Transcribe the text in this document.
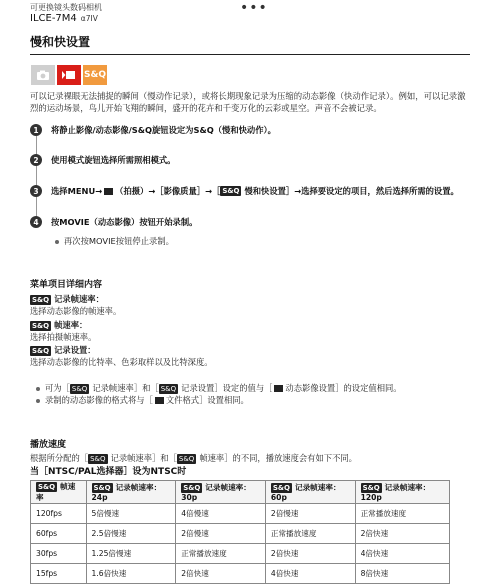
可更换镜头数码相机
ILCE-7M4 α7IV
•••
慢和快设置
S&Q
可以记录裸眼无法捕捉的瞬间（慢动作记录），或将长期现象记录为压缩的动态影像（快动作记录）。例如，可以记录激烈的运动场景，鸟儿开始飞翔的瞬间，盛开的花卉和千变万化的云彩或星空。声音不会被记录。
1	将静止影像/动态影像/S&Q旋钮设定为S&Q（慢和快动作）。
2	使用模式旋钮选择所需照相模式。
3	选择MENU→ （拍摄）→［影像质量］→［ S&Q 慢和快设置］→选择要设定的项目，然后选择所需的设置。
4	按MOVIE（动态影像）按钮开始录制。
再次按MOVIE按钮停止录制。
菜单项目详细内容
S&Q 记录帧速率：
选择动态影像的帧速率。
S&Q 帧速率：
选择拍摄帧速率。
S&Q 记录设置：
选择动态影像的比特率、色彩取样以及比特深度。
可为［ S&Q 记录帧速率］和［ S&Q 记录设置］设定的值与［ 动态影像设置］的设定值相同。
录制的动态影像的格式将与［ 文件格式］设置相同。
播放速度
根据所分配的［ S&Q 记录帧速率］和［ S&Q 帧速率］的不同，播放速度会有如下不同。
当［NTSC/PAL选择器］设为NTSC时
S&Q 帧速率	S&Q 记录帧速率：24p	S&Q 记录帧速率：30p	S&Q 记录帧速率：60p	S&Q 记录帧速率：120p
120fps	5倍慢速	4倍慢速	2倍慢速	正常播放速度
60fps	2.5倍慢速	2倍慢速	正常播放速度	2倍快速
30fps	1.25倍慢速	正常播放速度	2倍快速	4倍快速
15fps	1.6倍快速	2倍快速	4倍快速	8倍快速
